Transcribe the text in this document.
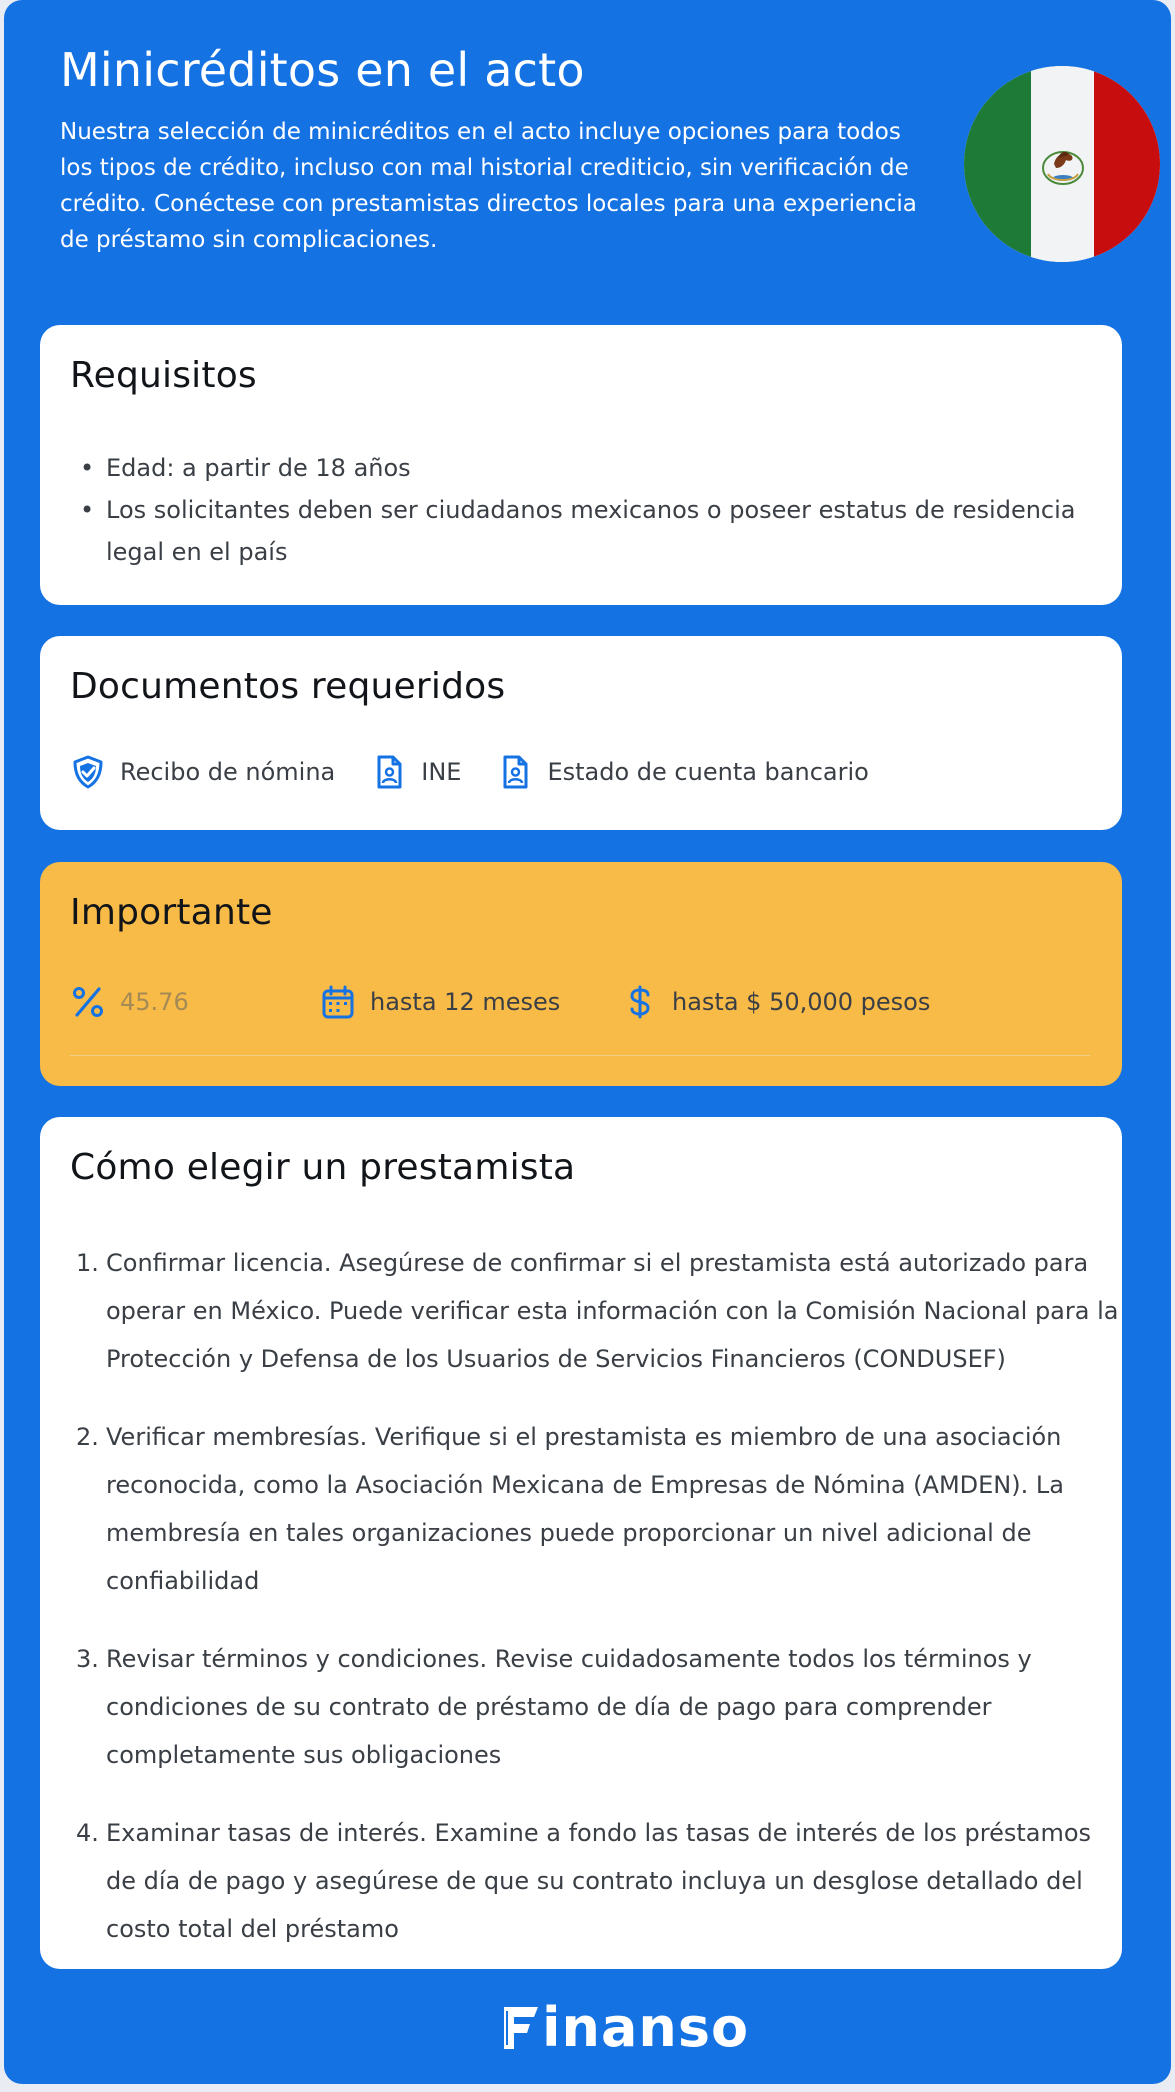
Minicréditos en el acto

Nuestra selección de minicréditos en el acto incluye opciones para todos los tipos de crédito, incluso con mal historial crediticio, sin verificación de crédito. Conéctese con prestamistas directos locales para una experiencia de préstamo sin complicaciones.

Requisitos
• Edad: a partir de 18 años
• Los solicitantes deben ser ciudadanos mexicanos o poseer estatus de residencia legal en el país
Documentos requeridos
Recibo de nómina	INE	Estado de cuenta bancario
Importante
45.76	hasta 12 meses	hasta $ 50,000 pesos
Cómo elegir un prestamista
1. Confirmar licencia. Asegúrese de confirmar si el prestamista está autorizado para operar en México. Puede verificar esta información con la Comisión Nacional para la Protección y Defensa de los Usuarios de Servicios Financieros (CONDUSEF)
2. Verificar membresías. Verifique si el prestamista es miembro de una asociación reconocida, como la Asociación Mexicana de Empresas de Nómina (AMDEN). La membresía en tales organizaciones puede proporcionar un nivel adicional de confiabilidad
3. Revisar términos y condiciones. Revise cuidadosamente todos los términos y condiciones de su contrato de préstamo de día de pago para comprender completamente sus obligaciones
4. Examinar tasas de interés. Examine a fondo las tasas de interés de los préstamos de día de pago y asegúrese de que su contrato incluya un desglose detallado del costo total del préstamo
inanso
